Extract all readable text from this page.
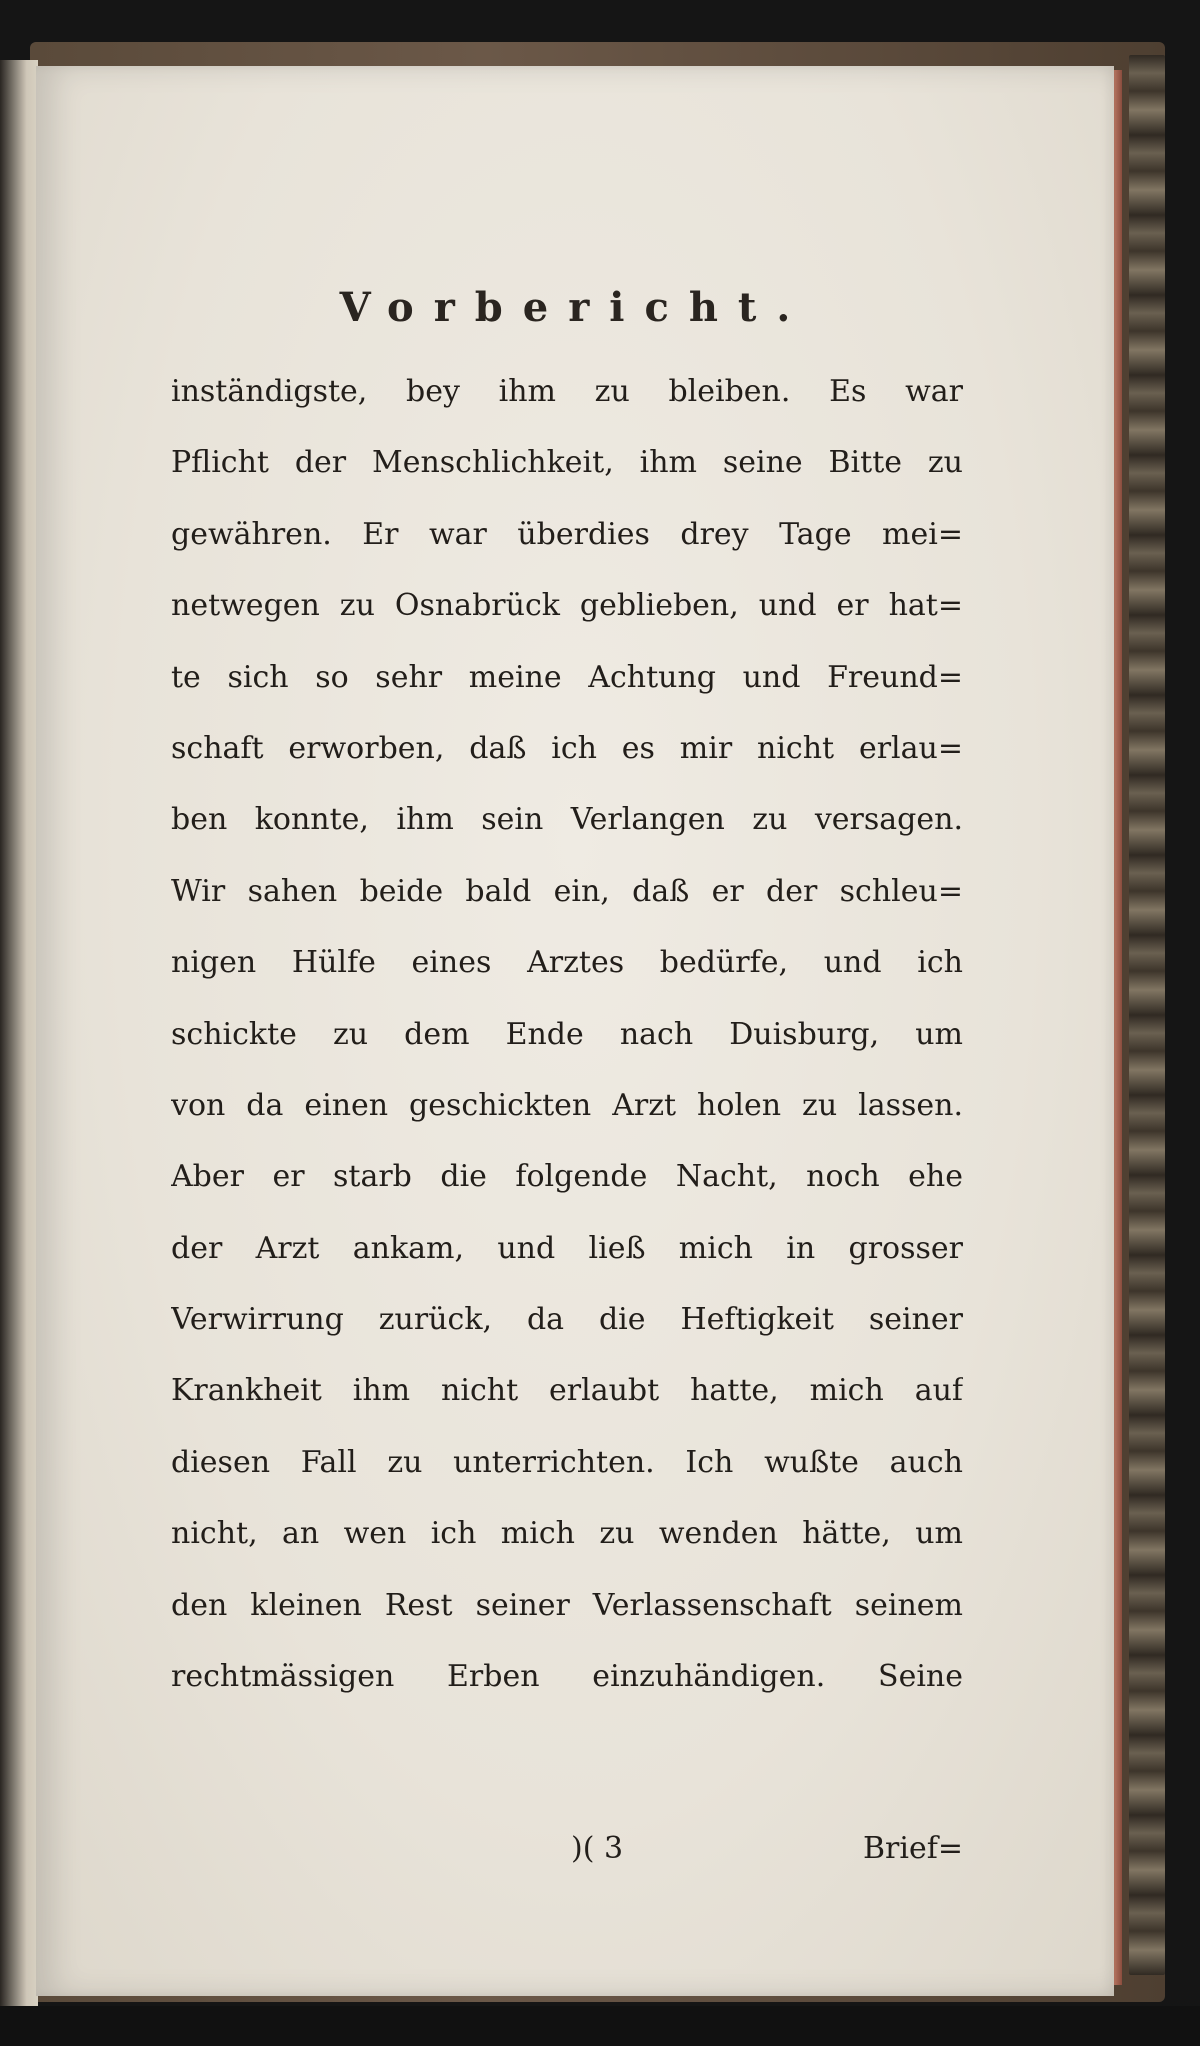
Vorbericht.
inständigste, bey ihm zu bleiben. Es war
Pflicht der Menschlichkeit, ihm seine Bitte zu
gewähren. Er war überdies drey Tage mei=
netwegen zu Osnabrück geblieben, und er hat=
te sich so sehr meine Achtung und Freund=
schaft erworben, daß ich es mir nicht erlau=
ben konnte, ihm sein Verlangen zu versagen.
Wir sahen beide bald ein, daß er der schleu=
nigen Hülfe eines Arztes bedürfe, und ich
schickte zu dem Ende nach Duisburg, um
von da einen geschickten Arzt holen zu lassen.
Aber er starb die folgende Nacht, noch ehe
der Arzt ankam, und ließ mich in grosser
Verwirrung zurück, da die Heftigkeit seiner
Krankheit ihm nicht erlaubt hatte, mich auf
diesen Fall zu unterrichten. Ich wußte auch
nicht, an wen ich mich zu wenden hätte, um
den kleinen Rest seiner Verlassenschaft seinem
rechtmässigen Erben einzuhändigen. Seine
)( 3	Brief=
